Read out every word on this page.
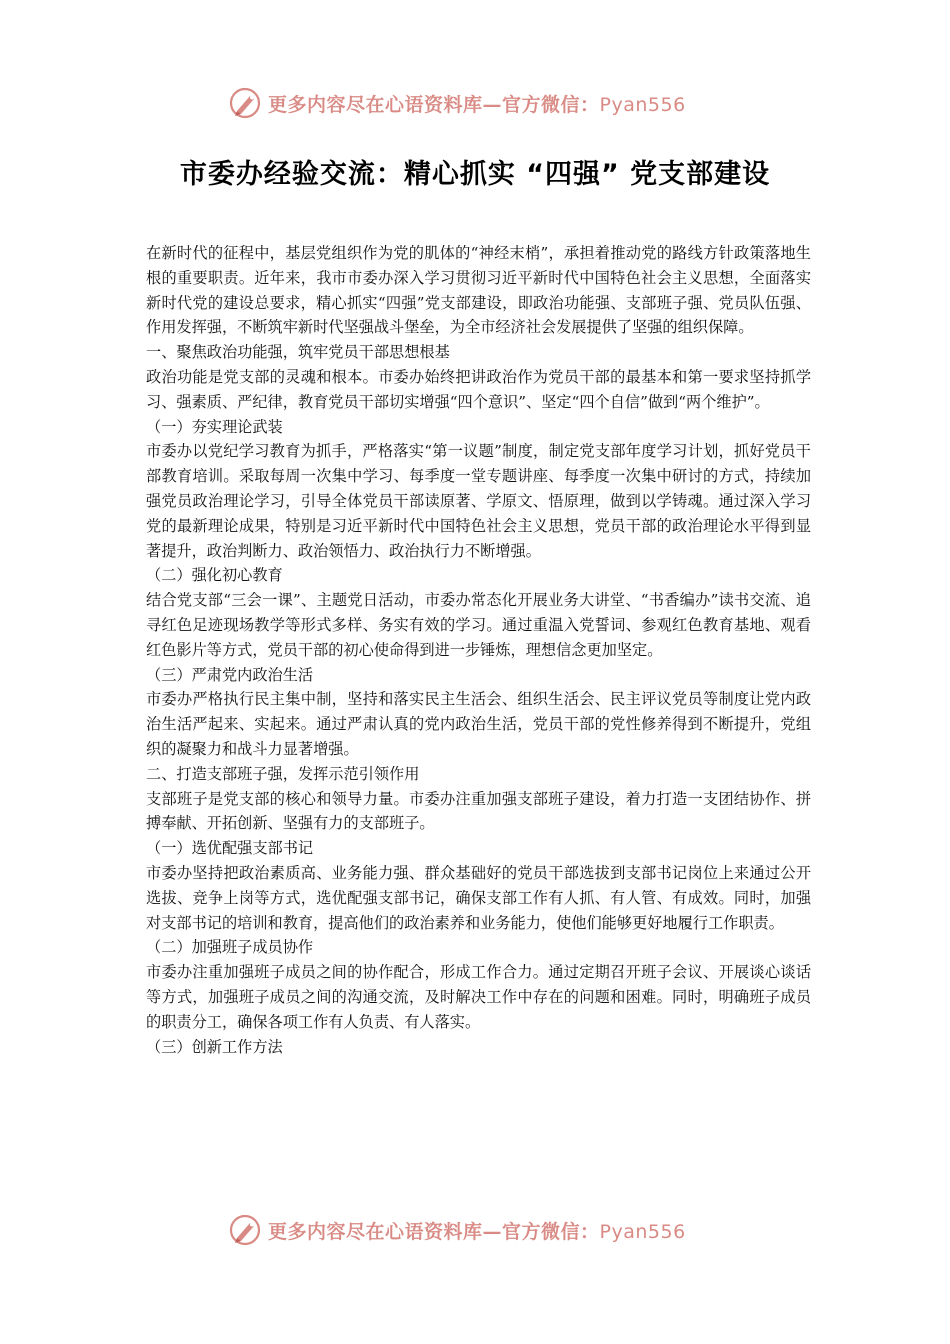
更多内容尽在心语资料库—官方微信：Pyan556
市委办经验交流：精心抓实 “四强” 党支部建设

在新时代的征程中，基层党组织作为党的肌体的“神经末梢”，承担着推动党的路线方针政策落地生根的重要职责。近年来，我市市委办深入学习贯彻习近平新时代中国特色社会主义思想，全面落实新时代党的建设总要求，精心抓实“四强”党支部建设，即政治功能强、支部班子强、党员队伍强、作用发挥强，不断筑牢新时代坚强战斗堡垒，为全市经济社会发展提供了坚强的组织保障。

一、聚焦政治功能强，筑牢党员干部思想根基

政治功能是党支部的灵魂和根本。市委办始终把讲政治作为党员干部的最基本和第一要求坚持抓学习、强素质、严纪律，教育党员干部切实增强“四个意识”、坚定“四个自信”做到“两个维护”。

（一）夯实理论武装

市委办以党纪学习教育为抓手，严格落实“第一议题”制度，制定党支部年度学习计划，抓好党员干部教育培训。采取每周一次集中学习、每季度一堂专题讲座、每季度一次集中研讨的方式，持续加强党员政治理论学习，引导全体党员干部读原著、学原文、悟原理，做到以学铸魂。通过深入学习党的最新理论成果，特别是习近平新时代中国特色社会主义思想，党员干部的政治理论水平得到显著提升，政治判断力、政治领悟力、政治执行力不断增强。

（二）强化初心教育

结合党支部“三会一课”、主题党日活动，市委办常态化开展业务大讲堂、“书香编办”读书交流、追寻红色足迹现场教学等形式多样、务实有效的学习。通过重温入党誓词、参观红色教育基地、观看红色影片等方式，党员干部的初心使命得到进一步锤炼，理想信念更加坚定。

（三）严肃党内政治生活

市委办严格执行民主集中制，坚持和落实民主生活会、组织生活会、民主评议党员等制度让党内政治生活严起来、实起来。通过严肃认真的党内政治生活，党员干部的党性修养得到不断提升，党组织的凝聚力和战斗力显著增强。

二、打造支部班子强，发挥示范引领作用

支部班子是党支部的核心和领导力量。市委办注重加强支部班子建设，着力打造一支团结协作、拼搏奉献、开拓创新、坚强有力的支部班子。

（一）选优配强支部书记

市委办坚持把政治素质高、业务能力强、群众基础好的党员干部选拔到支部书记岗位上来通过公开选拔、竞争上岗等方式，选优配强支部书记，确保支部工作有人抓、有人管、有成效。同时，加强对支部书记的培训和教育，提高他们的政治素养和业务能力，使他们能够更好地履行工作职责。

（二）加强班子成员协作

市委办注重加强班子成员之间的协作配合，形成工作合力。通过定期召开班子会议、开展谈心谈话等方式，加强班子成员之间的沟通交流，及时解决工作中存在的问题和困难。同时，明确班子成员的职责分工，确保各项工作有人负责、有人落实。

（三）创新工作方法

更多内容尽在心语资料库—官方微信：Pyan556
